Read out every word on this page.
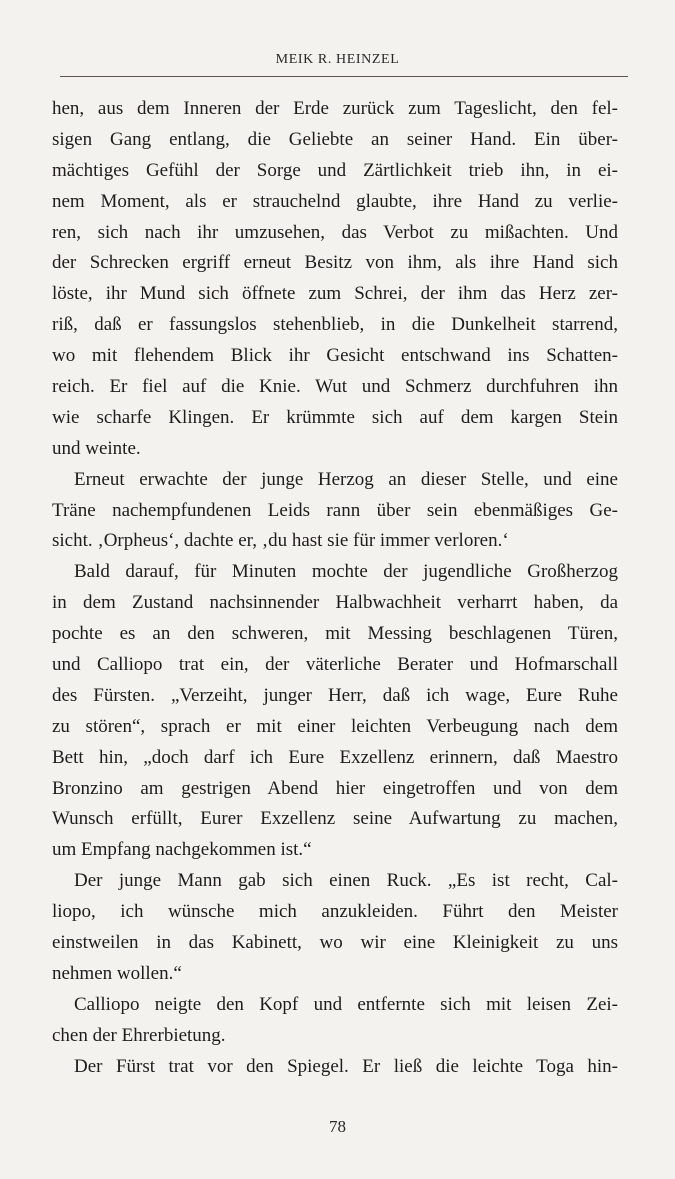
MEIK R. HEINZEL
hen, aus dem Inneren der Erde zurück zum Tageslicht, den fel-
sigen Gang entlang, die Geliebte an seiner Hand. Ein über-
mächtiges Gefühl der Sorge und Zärtlichkeit trieb ihn, in ei-
nem Moment, als er strauchelnd glaubte, ihre Hand zu verlie-
ren, sich nach ihr umzusehen, das Verbot zu mißachten. Und
der Schrecken ergriff erneut Besitz von ihm, als ihre Hand sich
löste, ihr Mund sich öffnete zum Schrei, der ihm das Herz zer-
riß, daß er fassungslos stehenblieb, in die Dunkelheit starrend,
wo mit flehendem Blick ihr Gesicht entschwand ins Schatten-
reich. Er fiel auf die Knie. Wut und Schmerz durchfuhren ihn
wie scharfe Klingen. Er krümmte sich auf dem kargen Stein
und weinte.
Erneut erwachte der junge Herzog an dieser Stelle, und eine
Träne nachempfundenen Leids rann über sein ebenmäßiges Ge-
sicht. ‚Orpheus‘, dachte er, ‚du hast sie für immer verloren.‘
Bald darauf, für Minuten mochte der jugendliche Großherzog
in dem Zustand nachsinnender Halbwachheit verharrt haben, da
pochte es an den schweren, mit Messing beschlagenen Türen,
und Calliopo trat ein, der väterliche Berater und Hofmarschall
des Fürsten. „Verzeiht, junger Herr, daß ich wage, Eure Ruhe
zu stören“, sprach er mit einer leichten Verbeugung nach dem
Bett hin, „doch darf ich Eure Exzellenz erinnern, daß Maestro
Bronzino am gestrigen Abend hier eingetroffen und von dem
Wunsch erfüllt, Eurer Exzellenz seine Aufwartung zu machen,
um Empfang nachgekommen ist.“
Der junge Mann gab sich einen Ruck. „Es ist recht, Cal-
liopo, ich wünsche mich anzukleiden. Führt den Meister
einstweilen in das Kabinett, wo wir eine Kleinigkeit zu uns
nehmen wollen.“
Calliopo neigte den Kopf und entfernte sich mit leisen Zei-
chen der Ehrerbietung.
Der Fürst trat vor den Spiegel. Er ließ die leichte Toga hin-
78
